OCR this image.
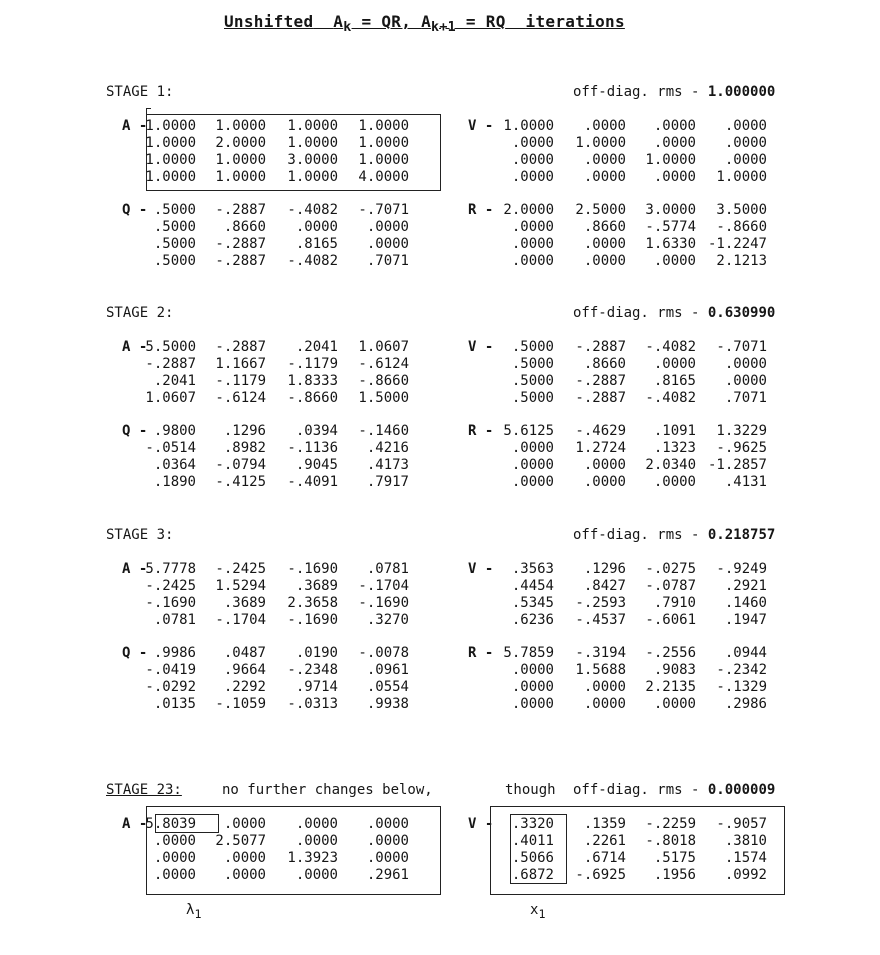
Unshifted $A_k$ = QR, $A_{k+1}$ = RQ iterations
STAGE 1:	off-diag. rms - 1.000000
A -
1.0000	1.0000	1.0000	1.0000
1.0000	2.0000	1.0000	1.0000
1.0000	1.0000	3.0000	1.0000
1.0000	1.0000	1.0000	4.0000
V - 1.0000	.0000	.0000	.0000
.0000	1.0000	.0000	.0000
.0000	.0000	1.0000	.0000
.0000	.0000	.0000	1.0000
Q - .5000	-.2887	-.4082	-.7071
.5000	.8660	.0000	.0000
.5000	-.2887	.8165	.0000
.5000	-.2887	-.4082	.7071
R - 2.0000	2.5000	3.0000	3.5000
.0000	.8660	-.5774	-.8660
.0000	.0000	1.6330 -1.2247
.0000	.0000	.0000	2.1213
STAGE 2:	off-diag. rms - 0.630990
A -
5.5000	-.2887	.2041	1.0607
-.2887	1.1667	-.1179	-.6124
.2041	-.1179	1.8333	-.8660
1.0607	-.6124	-.8660	1.5000
V -	.5000	-.2887	-.4082	-.7071
.5000	.8660	.0000	.0000
.5000	-.2887	.8165	.0000
.5000	-.2887	-.4082	.7071
Q - .9800	.1296	.0394	-.1460
-.0514	.8982	-.1136	.4216
.0364	-.0794	.9045	.4173
.1890	-.4125	-.4091	.7917
R - 5.6125	-.4629	.1091	1.3229
.0000	1.2724	.1323	-.9625
.0000	.0000	2.0340 -1.2857
.0000	.0000	.0000	.4131
STAGE 3:	off-diag. rms - 0.218757
A -
5.7778	-.2425	-.1690	.0781
-.2425	1.5294	.3689	-.1704
-.1690	.3689	2.3658	-.1690
.0781	-.1704	-.1690	.3270
V -	.3563	.1296	-.0275	-.9249
.4454	.8427	-.0787	.2921
.5345	-.2593	.7910	.1460
.6236	-.4537	-.6061	.1947
Q - .9986	.0487	.0190	-.0078
-.0419	.9664	-.2348	.0961
-.0292	.2292	.9714	.0554
.0135	-.1059	-.0313	.9938
R - 5.7859	-.3194	-.2556	.0944
.0000	1.5688	.9083	-.2342
.0000	.0000	2.2135	-.1329
.0000	.0000	.0000	.2986
STAGE 23:	no further changes below,	though off-diag. rms - 0.000009
A -
5.8039	.0000	.0000	.0000
.0000	2.5077	.0000	.0000
.0000	.0000	1.3923	.0000
.0000	.0000	.0000	.2961
V -	.3320	.1359	-.2259	-.9057
.4011	.2261	-.8018	.3810
.5066	.6714	.5175	.1574
.6872	-.6925	.1956	.0992
$\lambda_1$	$x_1$
